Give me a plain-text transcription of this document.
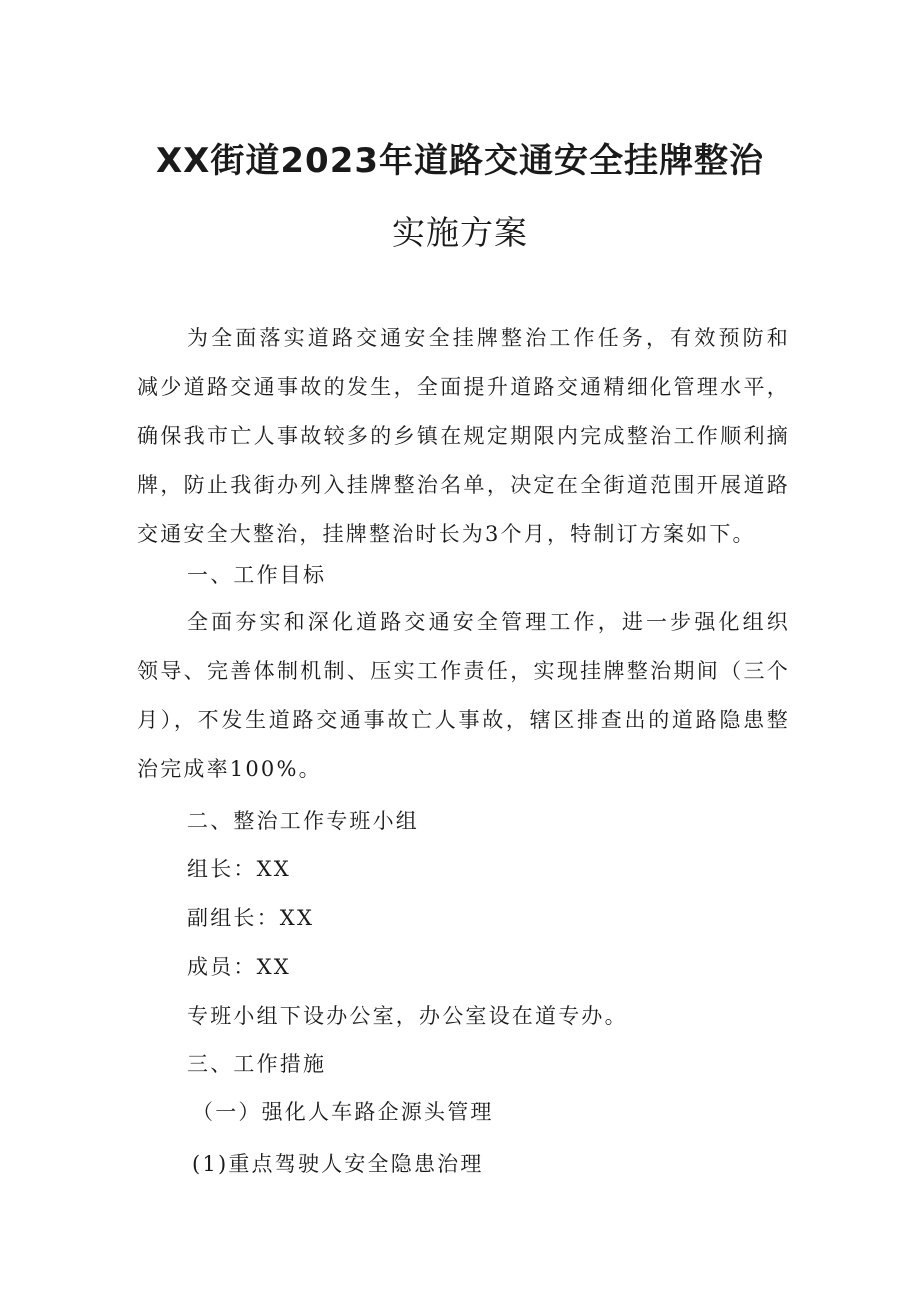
XX街道2023年道路交通安全挂牌整治
实施方案

为全面落实道路交通安全挂牌整治工作任务，有效预防和减少道路交通事故的发生，全面提升道路交通精细化管理水平，确保我市亡人事故较多的乡镇在规定期限内完成整治工作顺利摘牌，防止我街办列入挂牌整治名单，决定在全街道范围开展道路交通安全大整治，挂牌整治时长为3个月，特制订方案如下。

一、工作目标

全面夯实和深化道路交通安全管理工作，进一步强化组织领导、完善体制机制、压实工作责任，实现挂牌整治期间（三个月），不发生道路交通事故亡人事故，辖区排查出的道路隐患整治完成率100%。

二、整治工作专班小组

组长：XX

副组长：XX

成员：XX

专班小组下设办公室，办公室设在道专办。

三、工作措施

（一）强化人车路企源头管理

(1)重点驾驶人安全隐患治理
